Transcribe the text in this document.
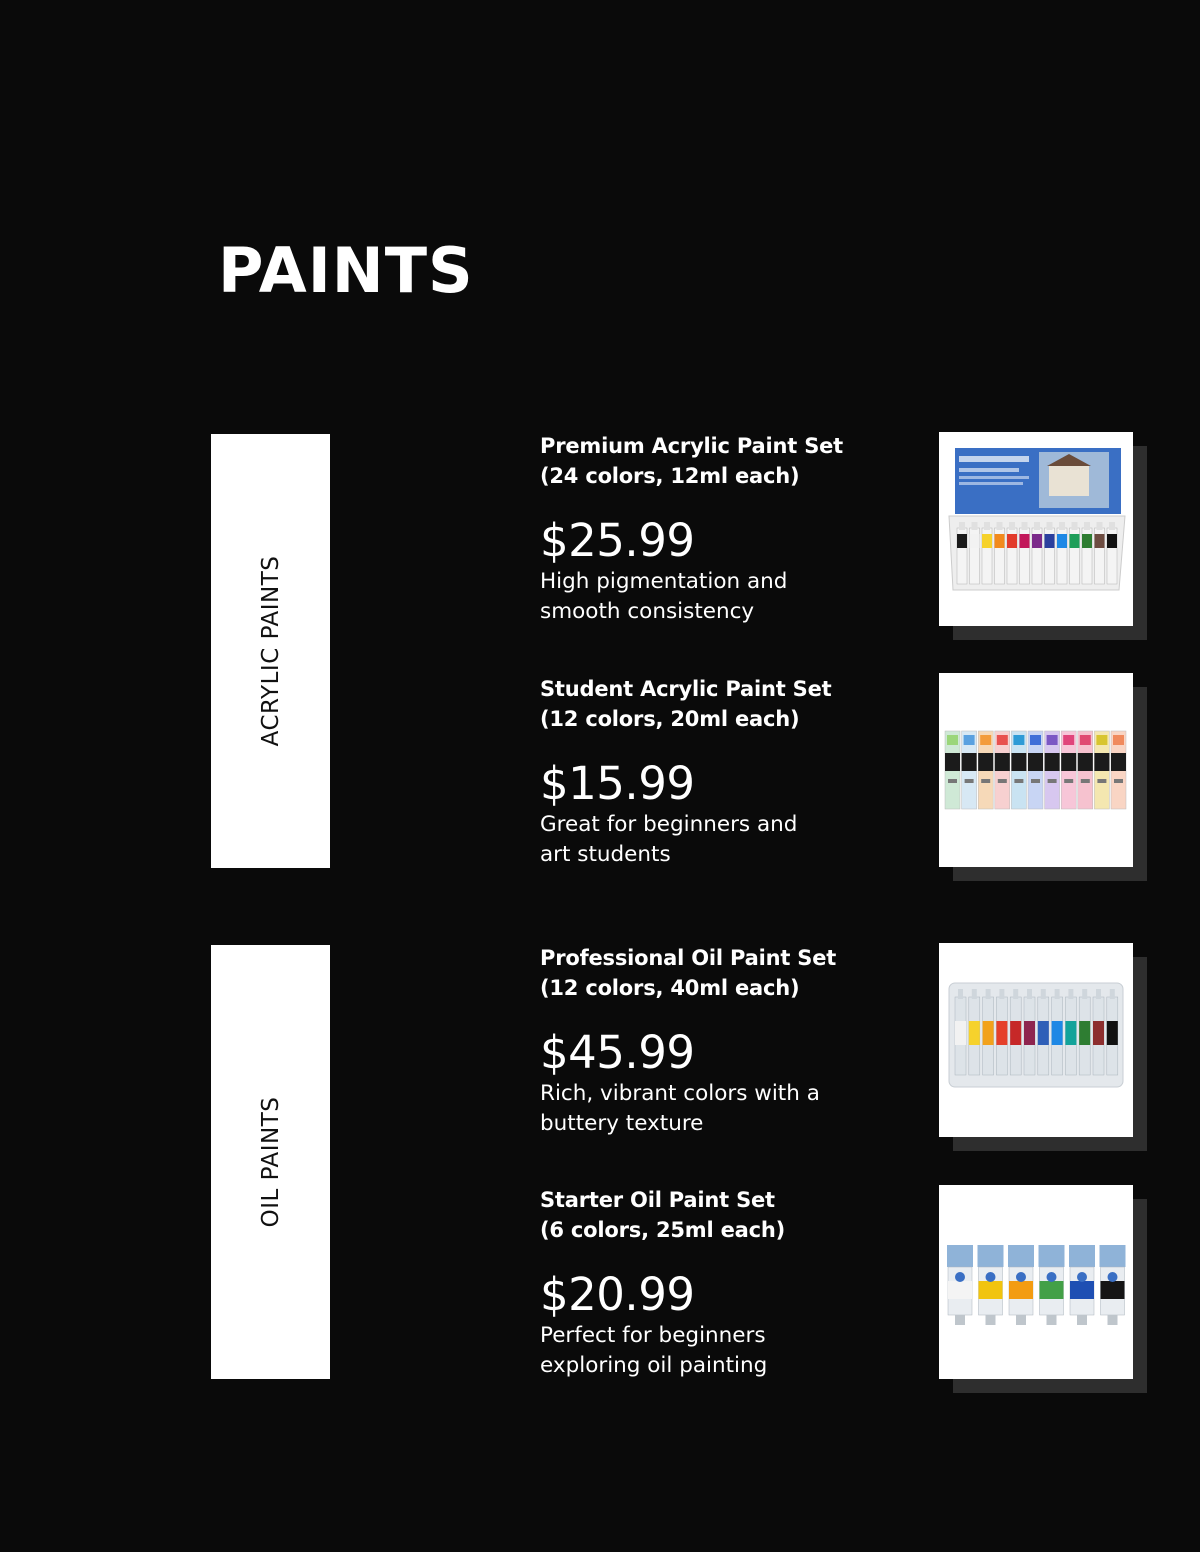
PAINTS
ACRYLIC PAINTS
OIL PAINTS
Premium Acrylic Paint Set
(24 colors, 12ml each)
$25.99
High pigmentation and
smooth consistency
Student Acrylic Paint Set
(12 colors, 20ml each)
$15.99
Great for beginners and
art students
Professional Oil Paint Set
(12 colors, 40ml each)
$45.99
Rich, vibrant colors with a
buttery texture
Starter Oil Paint Set
(6 colors, 25ml each)
$20.99
Perfect for beginners
exploring oil painting
